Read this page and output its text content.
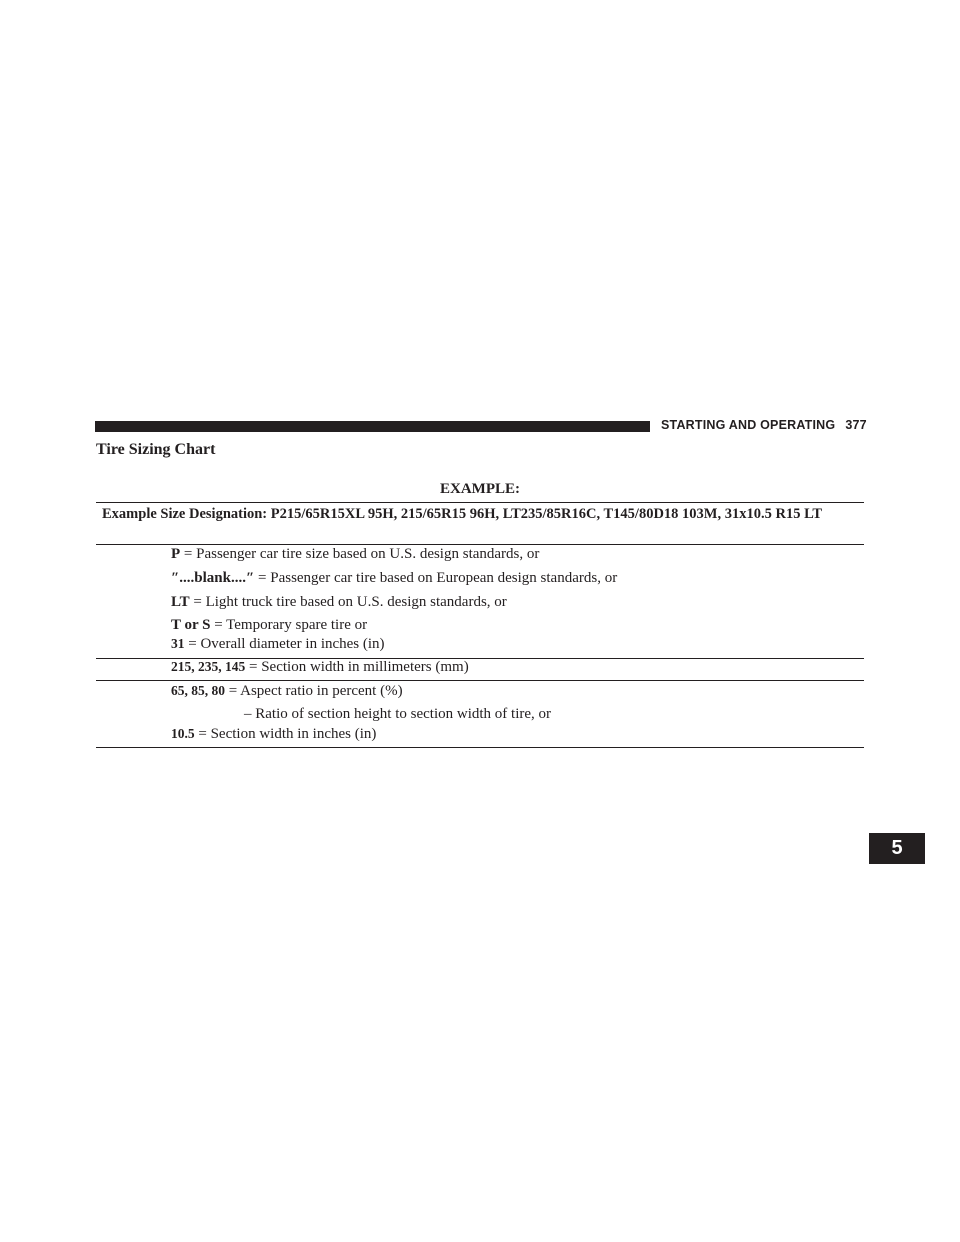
STARTING AND OPERATING 377
5
Tire Sizing Chart
EXAMPLE:
Example Size Designation: P215/65R15XL 95H, 215/65R15 96H, LT235/85R16C, T145/80D18 103M, 31x10.5 R15 LT
P = Passenger car tire size based on U.S. design standards, or
″....blank....″ = Passenger car tire based on European design standards, or
LT = Light truck tire based on U.S. design standards, or
T or S = Temporary spare tire or
31 = Overall diameter in inches (in)
215, 235, 145 = Section width in millimeters (mm)
65, 85, 80 = Aspect ratio in percent (%)
– Ratio of section height to section width of tire, or
10.5 = Section width in inches (in)
